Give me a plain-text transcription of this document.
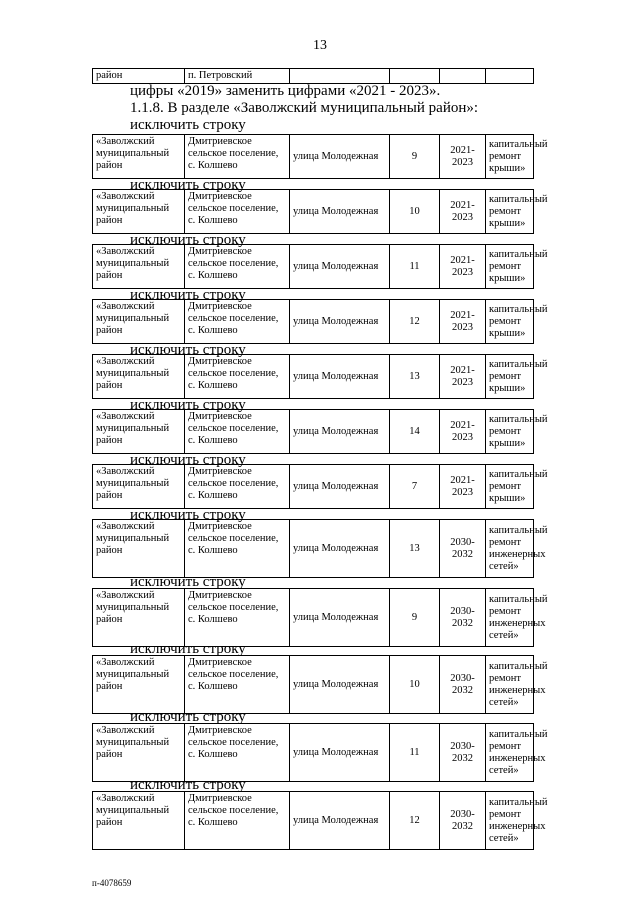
13
район	п. Петровский				
цифры «2019» заменить цифрами «2021 - 2023».
1.1.8. В разделе «Заволжский муниципальный район»:
исключить строку
«Заволжский муниципальный район	Дмитриевское сельское поселение, с. Колшево	улица Молодежная	9	2021-2023	капитальный ремонт крыши»
исключить строку
«Заволжский муниципальный район	Дмитриевское сельское поселение, с. Колшево	улица Молодежная	10	2021-2023	капитальный ремонт крыши»
исключить строку
«Заволжский муниципальный район	Дмитриевское сельское поселение, с. Колшево	улица Молодежная	11	2021-2023	капитальный ремонт крыши»
исключить строку
«Заволжский муниципальный район	Дмитриевское сельское поселение, с. Колшево	улица Молодежная	12	2021-2023	капитальный ремонт крыши»
исключить строку
«Заволжский муниципальный район	Дмитриевское сельское поселение, с. Колшево	улица Молодежная	13	2021-2023	капитальный ремонт крыши»
исключить строку
«Заволжский муниципальный район	Дмитриевское сельское поселение, с. Колшево	улица Молодежная	14	2021-2023	капитальный ремонт крыши»
исключить строку
«Заволжский муниципальный район	Дмитриевское сельское поселение, с. Колшево	улица Молодежная	7	2021-2023	капитальный ремонт крыши»
исключить строку
«Заволжский муниципальный район	Дмитриевское сельское поселение, с. Колшево	улица Молодежная	13	2030-2032	капитальный ремонт инженерных сетей»
исключить строку
«Заволжский муниципальный район	Дмитриевское сельское поселение, с. Колшево	улица Молодежная	9	2030-2032	капитальный ремонт инженерных сетей»
исключить строку
«Заволжский муниципальный район	Дмитриевское сельское поселение, с. Колшево	улица Молодежная	10	2030-2032	капитальный ремонт инженерных сетей»
исключить строку
«Заволжский муниципальный район	Дмитриевское сельское поселение, с. Колшево	улица Молодежная	11	2030-2032	капитальный ремонт инженерных сетей»
исключить строку
«Заволжский муниципальный район	Дмитриевское сельское поселение, с. Колшево	улица Молодежная	12	2030-2032	капитальный ремонт инженерных сетей»
п-4078659
